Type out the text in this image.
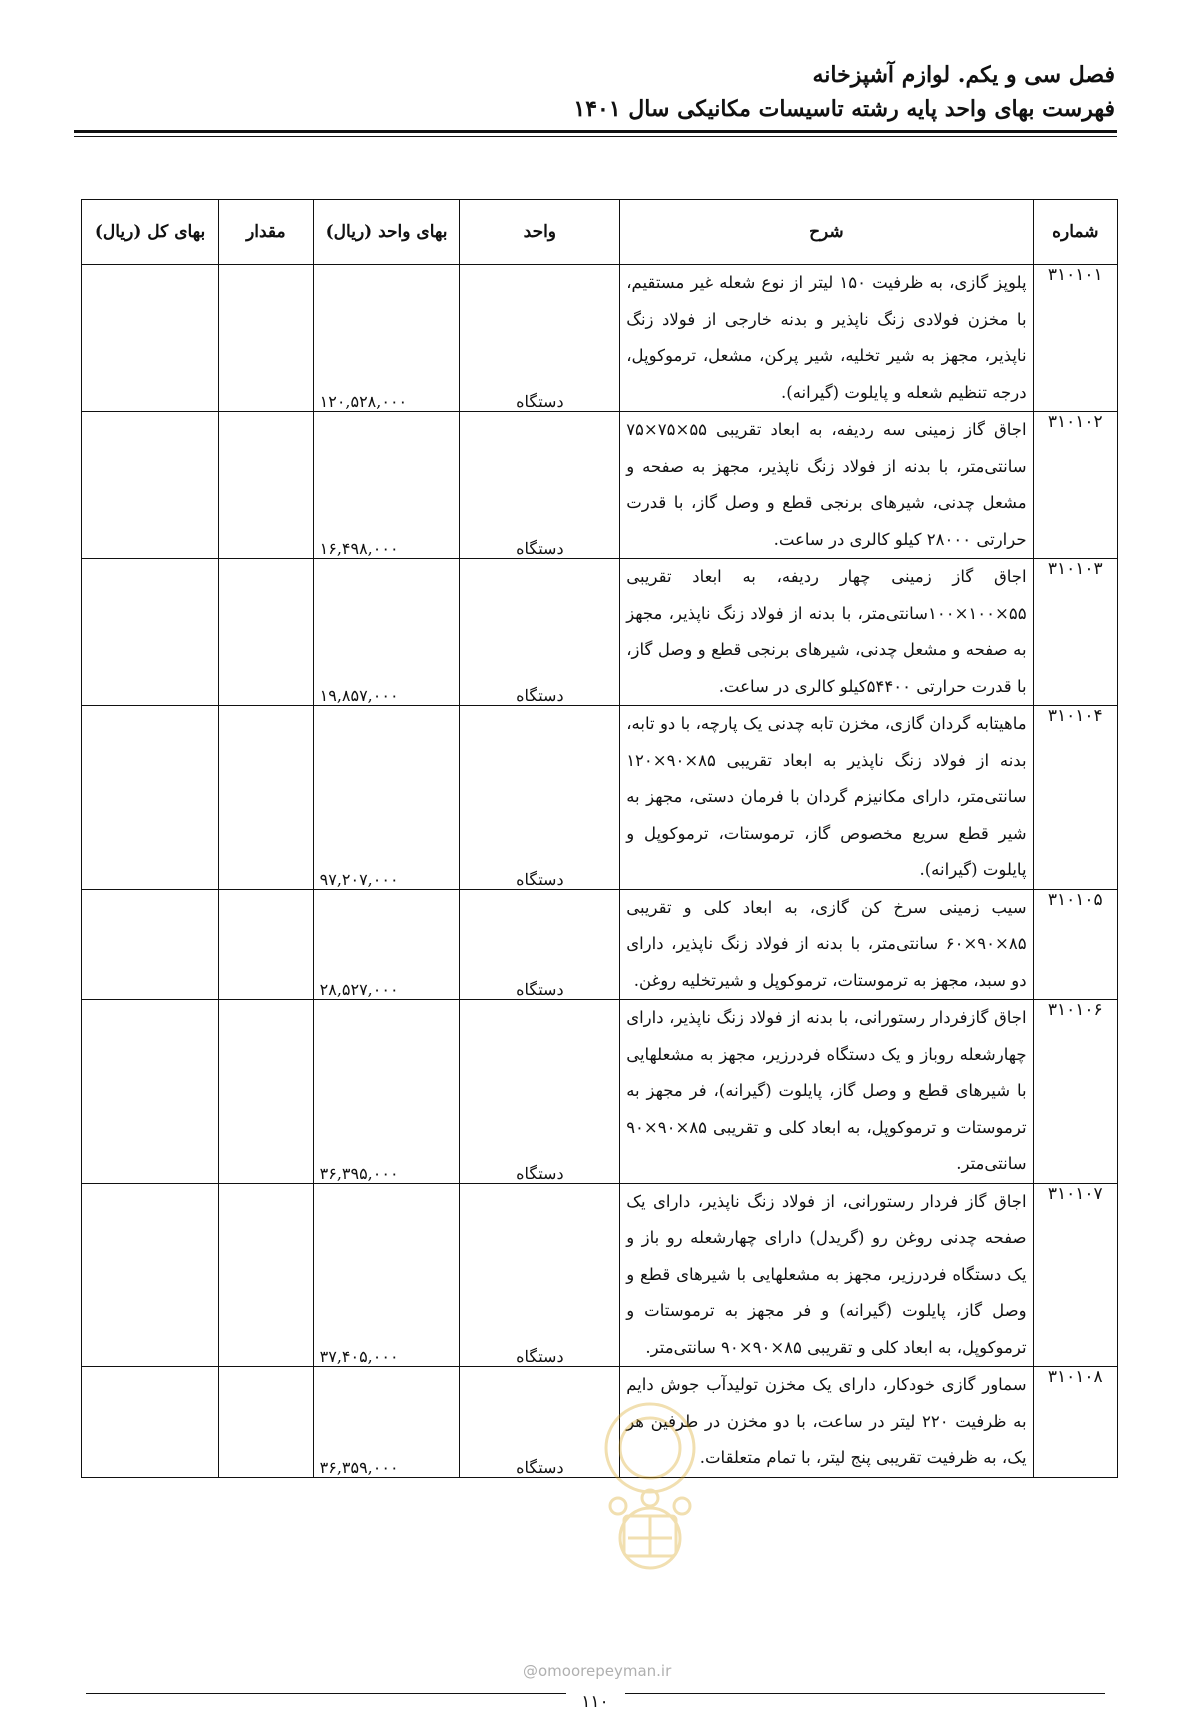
فصل سی و یکم. لوازم آشپزخانه
فهرست بهای واحد پایه رشته تاسیسات مکانیکی سال ۱۴۰۱
شماره	شرح	واحد	بهای واحد (ریال)	مقدار	بهای کل (ریال)
۳۱۰۱۰۱	پلوپز گازی، به ظرفیت ۱۵۰ لیتر از نوع شعله غیر مستقیم، با مخزن فولادی زنگ ناپذیر و بدنه خارجی از فولاد زنگ ناپذیر، مجهز به شیر تخلیه، شیر پرکن، مشعل، ترموکوپل، درجه تنظیم شعله و پایلوت (گیرانه).	دستگاه	۱۲۰,۵۲۸,۰۰۰		
۳۱۰۱۰۲	اجاق گاز زمینی سه ردیفه، به ابعاد تقریبی ۵۵×۷۵×۷۵ سانتی‌متر، با بدنه از فولاد زنگ ناپذیر، مجهز به صفحه و مشعل چدنی، شیرهای برنجی قطع و وصل گاز، با قدرت حرارتی ۲۸۰۰۰ کیلو کالری در ساعت.	دستگاه	۱۶,۴۹۸,۰۰۰		
۳۱۰۱۰۳	اجاق گاز زمینی چهار ردیفه، به ابعاد تقریبی ۵۵×۱۰۰×۱۰۰سانتی‌متر، با بدنه از فولاد زنگ ناپذیر، مجهز به صفحه و مشعل چدنی، شیرهای برنجی قطع و وصل گاز، با قدرت حرارتی ۵۴۴۰۰کیلو کالری در ساعت.	دستگاه	۱۹,۸۵۷,۰۰۰		
۳۱۰۱۰۴	ماهیتابه گردان گازی، مخزن تابه چدنی یک پارچه، با دو تابه، بدنه از فولاد زنگ ناپذیر به ابعاد تقریبی ۸۵×۹۰×۱۲۰ سانتی‌متر، دارای مکانیزم گردان با فرمان دستی، مجهز به شیر قطع سریع مخصوص گاز، ترموستات، ترموکوپل و پایلوت (گیرانه).	دستگاه	۹۷,۲۰۷,۰۰۰		
۳۱۰۱۰۵	سیب زمینی سرخ کن گازی، به ابعاد کلی و تقریبی ۸۵×۹۰×۶۰ سانتی‌متر، با بدنه از فولاد زنگ ناپذیر، دارای دو سبد، مجهز به ترموستات، ترموکوپل و شیرتخلیه روغن.	دستگاه	۲۸,۵۲۷,۰۰۰		
۳۱۰۱۰۶	اجاق گازفردار رستورانی، با بدنه از فولاد زنگ ناپذیر، دارای چهارشعله روباز و یک دستگاه فردرزیر، مجهز به مشعلهایی با شیرهای قطع و وصل گاز، پایلوت (گیرانه)، فر مجهز به ترموستات و ترموکوپل، به ابعاد کلی و تقریبی ۸۵×۹۰×۹۰ سانتی‌متر.	دستگاه	۳۶,۳۹۵,۰۰۰		
۳۱۰۱۰۷	اجاق گاز فردار رستورانی، از فولاد زنگ ناپذیر، دارای یک صفحه چدنی روغن رو (گریدل) دارای چهارشعله رو باز و یک دستگاه فردرزیر، مجهز به مشعلهایی با شیرهای قطع و وصل گاز، پایلوت (گیرانه) و فر مجهز به ترموستات و ترموکوپل، به ابعاد کلی و تقریبی ۸۵×۹۰×۹۰ سانتی‌متر.	دستگاه	۳۷,۴۰۵,۰۰۰		
۳۱۰۱۰۸	سماور گازی خودکار، دارای یک مخزن تولیدآب جوش دایم به ظرفیت ۲۲۰ لیتر در ساعت، با دو مخزن در طرفین هر یک، به ظرفیت تقریبی پنج لیتر، با تمام متعلقات.	دستگاه	۳۶,۳۵۹,۰۰۰		
@omoorepeyman.ir
۱۱۰
